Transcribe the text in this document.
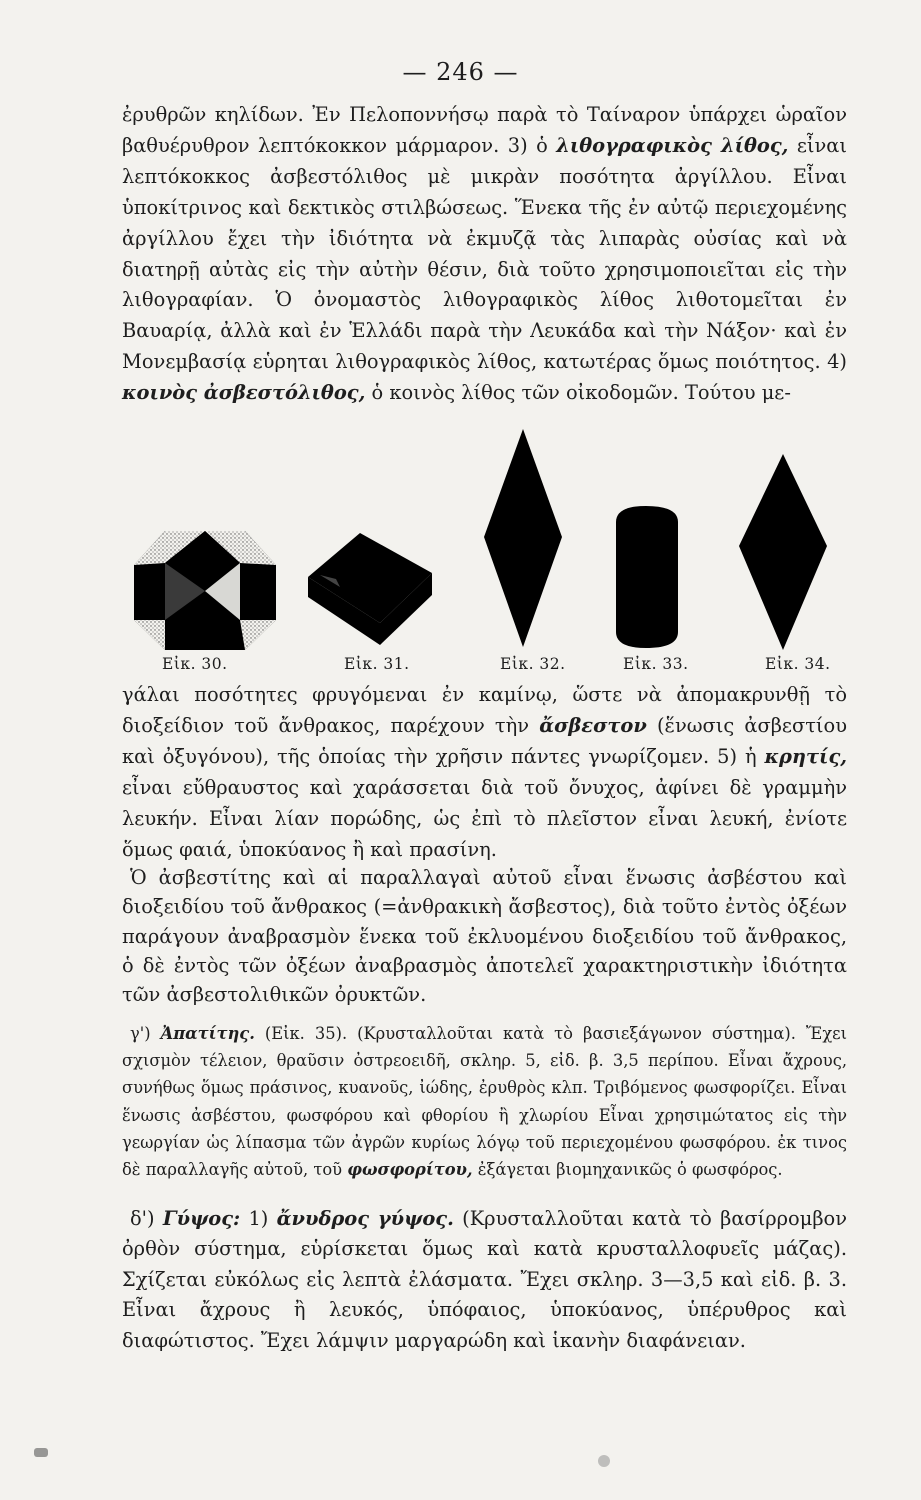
— 246 —

ἐρυθρῶν κηλίδων. Ἐν Πελοποννήσῳ παρὰ τὸ Ταίναρον ὑπάρχει ὡραῖον βαθυέρυθρον λεπτόκοκκον μάρμαρον. 3) ὁ λιθογραφικὸς λίθος, εἶναι λεπτόκοκκος ἀσβεστόλιθος μὲ μικρὰν ποσότητα ἀργίλλου. Εἶναι ὑποκίτρινος καὶ δεκτικὸς στιλβώσεως. Ἕνεκα τῆς ἐν αὐτῷ περιεχομένης ἀργίλλου ἔχει τὴν ἰδιότητα νὰ ἐκμυζᾷ τὰς λιπαρὰς οὐσίας καὶ νὰ διατηρῇ αὐτὰς εἰς τὴν αὐτὴν θέσιν, διὰ τοῦτο χρησιμοποιεῖται εἰς τὴν λιθογραφίαν. Ὁ ὀνομαστὸς λιθογραφικὸς λίθος λιθοτομεῖται ἐν Βαυαρίᾳ, ἀλλὰ καὶ ἐν Ἑλλάδι παρὰ τὴν Λευκάδα καὶ τὴν Νάξον· καὶ ἐν Μονεμβασίᾳ εὑρηται λιθογραφικὸς λίθος, κατωτέρας ὅμως ποιότητος. 4) κοινὸς ἀσβεστόλιθος, ὁ κοινὸς λίθος τῶν οἰκοδομῶν. Τούτου με-

Εἰκ. 30.	Εἰκ. 31.	Εἰκ. 32.	Εἰκ. 33.	Εἰκ. 34.

γάλαι ποσότητες φρυγόμεναι ἐν καμίνῳ, ὥστε νὰ ἀπομακρυνθῇ τὸ διοξείδιον τοῦ ἄνθρακος, παρέχουν τὴν ἄσβεστον (ἕνωσις ἀσβεστίου καὶ ὀξυγόνου), τῆς ὁποίας τὴν χρῆσιν πάντες γνωρίζομεν. 5) ἡ κρητίς, εἶναι εὔθραυστος καὶ χαράσσεται διὰ τοῦ ὄνυχος, ἀφίνει δὲ γραμμὴν λευκήν. Εἶναι λίαν πορώδης, ὡς ἐπὶ τὸ πλεῖστον εἶναι λευκή, ἐνίοτε ὅμως φαιά, ὑποκύανος ἢ καὶ πρασίνη.

Ὁ ἀσβεστίτης καὶ αἱ παραλλαγαὶ αὐτοῦ εἶναι ἕνωσις ἀσβέστου καὶ διοξειδίου τοῦ ἄνθρακος (=ἀνθρακικὴ ἄσβεστος), διὰ τοῦτο ἐντὸς ὀξέων παράγουν ἀναβρασμὸν ἕνεκα τοῦ ἐκλυομένου διοξειδίου τοῦ ἄνθρακος, ὁ δὲ ἐντὸς τῶν ὀξέων ἀναβρασμὸς ἀποτελεῖ χαρακτηριστικὴν ἰδιότητα τῶν ἀσβεστολιθικῶν ὀρυκτῶν.

γ') Ἀπατίτης. (Εἰκ. 35). (Κρυσταλλοῦται κατὰ τὸ βασιεξάγωνον σύστημα). Ἔχει σχισμὸν τέλειον, θραῦσιν ὀστρεοειδῆ, σκληρ. 5, εἰδ. β. 3,5 περίπου. Εἶναι ἄχρους, συνήθως ὅμως πράσινος, κυανοῦς, ἰώδης, ἐρυθρὸς κλπ. Τριβόμενος φωσφορίζει. Εἶναι ἕνωσις ἀσβέστου, φωσφόρου καὶ φθορίου ἢ χλωρίου Εἶναι χρησιμώτατος εἰς τὴν γεωργίαν ὡς λίπασμα τῶν ἀγρῶν κυρίως λόγῳ τοῦ περιεχομένου φωσφόρου. ἐκ τινος δὲ παραλλαγῆς αὐτοῦ, τοῦ φωσφορίτου, ἐξάγεται βιομηχανικῶς ὁ φωσφόρος.

δ') Γύψος: 1) ἄνυδρος γύψος. (Κρυσταλλοῦται κατὰ τὸ βασίρρομβον ὀρθὸν σύστημα, εὑρίσκεται ὅμως καὶ κατὰ κρυσταλλοφυεῖς μάζας). Σχίζεται εὐκόλως εἰς λεπτὰ ἐλάσματα. Ἔχει σκληρ. 3—3,5 καὶ εἰδ. β. 3. Εἶναι ἄχρους ἢ λευκός, ὑπόφαιος, ὑποκύανος, ὑπέρυθρος καὶ διαφώτιστος. Ἔχει λάμψιν μαργαρώδη καὶ ἱκανὴν διαφάνειαν.
